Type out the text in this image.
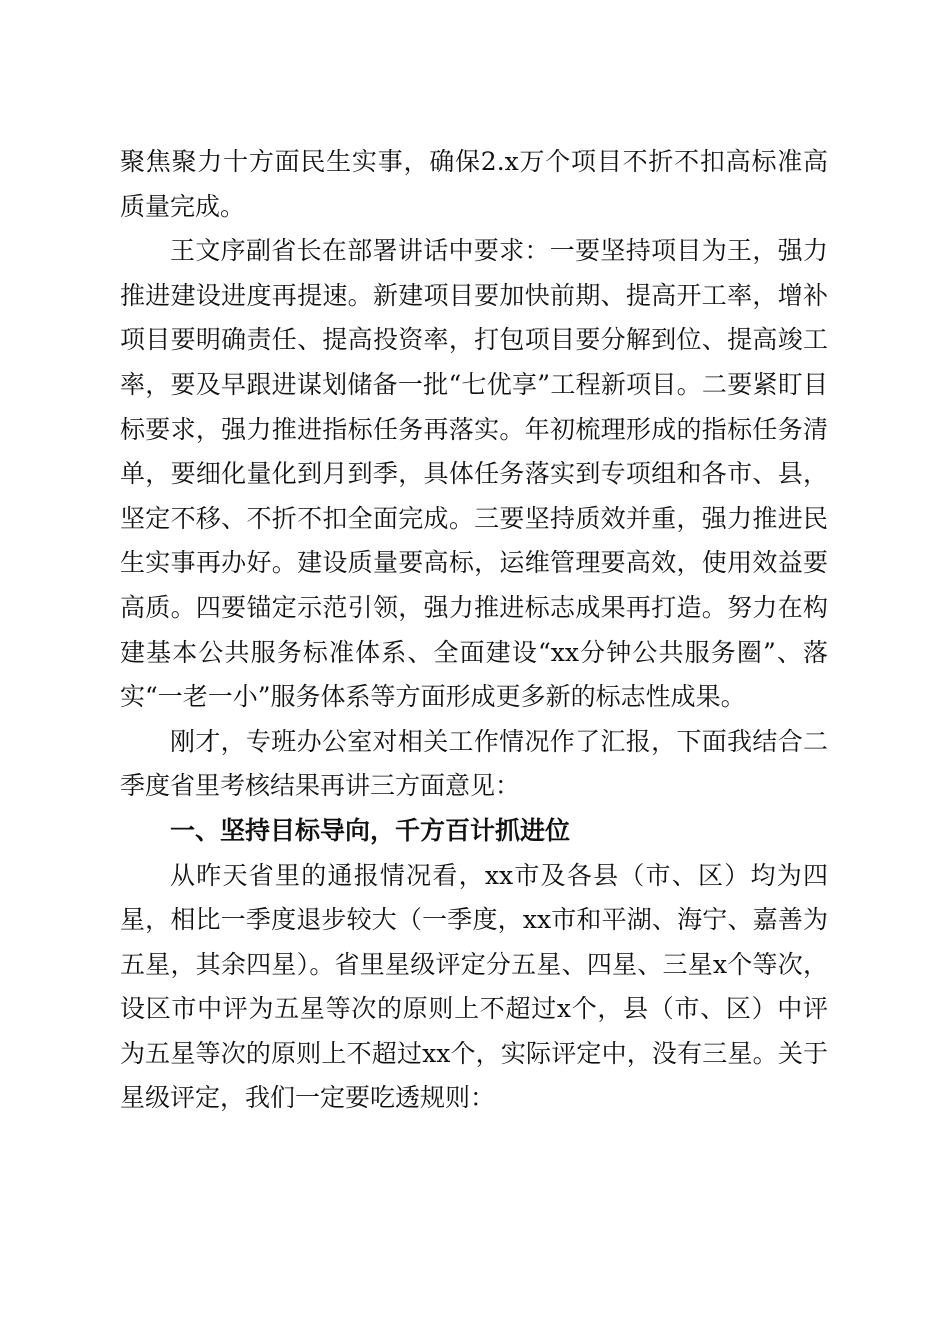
聚焦聚力十方面民生实事，确保2.x万个项目不折不扣高标准高质量完成。

王文序副省长在部署讲话中要求：一要坚持项目为王，强力推进建设进度再提速。新建项目要加快前期、提高开工率，增补项目要明确责任、提高投资率，打包项目要分解到位、提高竣工率，要及早跟进谋划储备一批“七优享”工程新项目。二要紧盯目标要求，强力推进指标任务再落实。年初梳理形成的指标任务清单，要细化量化到月到季，具体任务落实到专项组和各市、县，坚定不移、不折不扣全面完成。三要坚持质效并重，强力推进民生实事再办好。建设质量要高标，运维管理要高效，使用效益要高质。四要锚定示范引领，强力推进标志成果再打造。努力在构建基本公共服务标准体系、全面建设“xx分钟公共服务圈”、落实“一老一小”服务体系等方面形成更多新的标志性成果。

刚才，专班办公室对相关工作情况作了汇报，下面我结合二季度省里考核结果再讲三方面意见：

一、坚持目标导向，千方百计抓进位

从昨天省里的通报情况看，xx市及各县（市、区）均为四星，相比一季度退步较大（一季度，xx市和平湖、海宁、嘉善为五星，其余四星）。省里星级评定分五星、四星、三星x个等次，设区市中评为五星等次的原则上不超过x个，县（市、区）中评为五星等次的原则上不超过xx个，实际评定中，没有三星。关于星级评定，我们一定要吃透规则：
